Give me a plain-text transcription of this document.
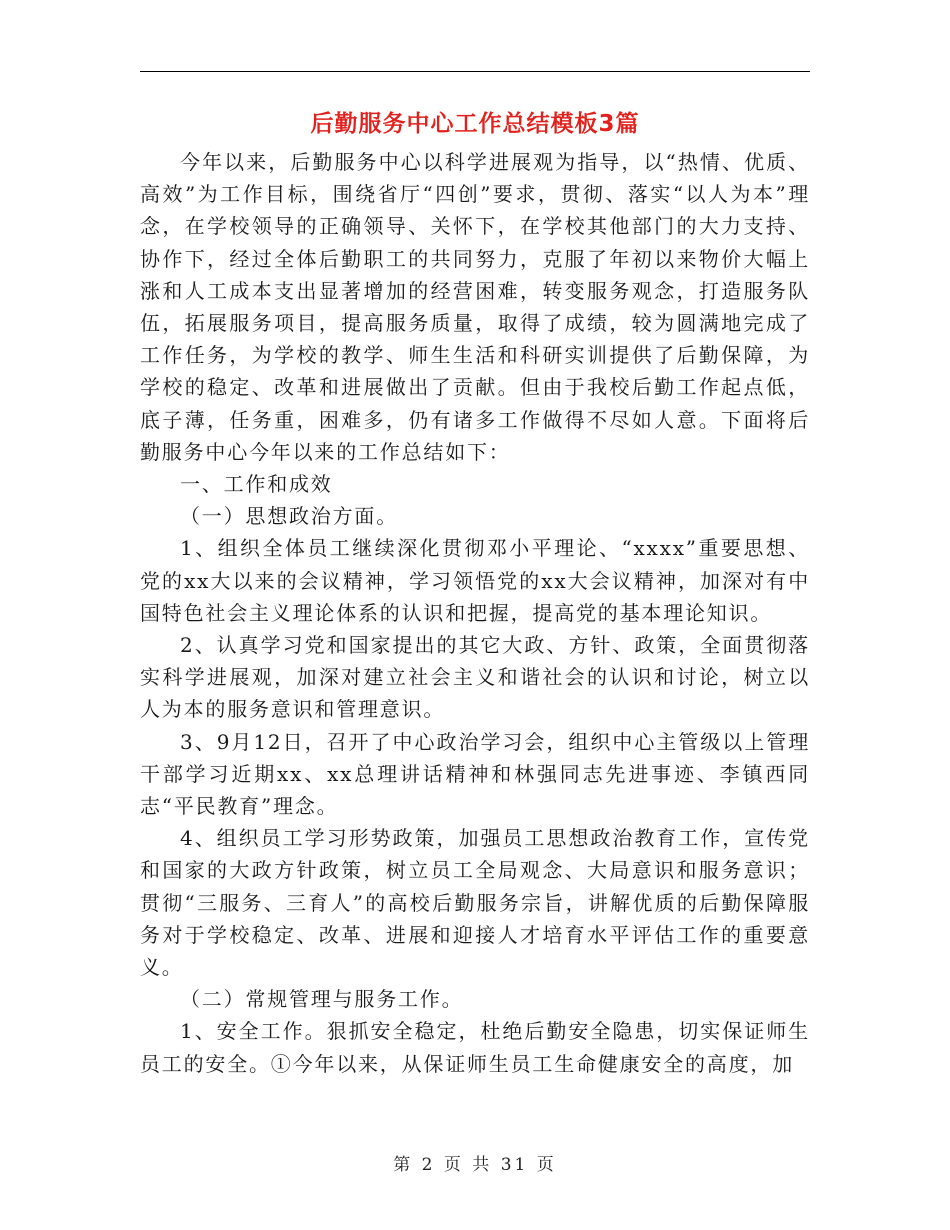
后勤服务中心工作总结模板3篇

今年以来，后勤服务中心以科学进展观为指导，以“热情、优质、高效”为工作目标，围绕省厅“四创”要求，贯彻、落实“以人为本”理念，在学校领导的正确领导、关怀下，在学校其他部门的大力支持、协作下，经过全体后勤职工的共同努力，克服了年初以来物价大幅上涨和人工成本支出显著增加的经营困难，转变服务观念，打造服务队伍，拓展服务项目，提高服务质量，取得了成绩，较为圆满地完成了工作任务，为学校的教学、师生生活和科研实训提供了后勤保障，为学校的稳定、改革和进展做出了贡献。但由于我校后勤工作起点低，底子薄，任务重，困难多，仍有诸多工作做得不尽如人意。下面将后勤服务中心今年以来的工作总结如下：

一、工作和成效

（一）思想政治方面。

1、组织全体员工继续深化贯彻邓小平理论、“xxxx”重要思想、党的xx大以来的会议精神，学习领悟党的xx大会议精神，加深对有中国特色社会主义理论体系的认识和把握，提高党的基本理论知识。

2、认真学习党和国家提出的其它大政、方针、政策，全面贯彻落实科学进展观，加深对建立社会主义和谐社会的认识和讨论，树立以人为本的服务意识和管理意识。

3、9月12日，召开了中心政治学习会，组织中心主管级以上管理干部学习近期xx、xx总理讲话精神和林强同志先进事迹、李镇西同志“平民教育”理念。

4、组织员工学习形势政策，加强员工思想政治教育工作，宣传党和国家的大政方针政策，树立员工全局观念、大局意识和服务意识；贯彻“三服务、三育人”的高校后勤服务宗旨，讲解优质的后勤保障服务对于学校稳定、改革、进展和迎接人才培育水平评估工作的重要意义。

（二）常规管理与服务工作。

1、安全工作。狠抓安全稳定，杜绝后勤安全隐患，切实保证师生员工的安全。①今年以来，从保证师生员工生命健康安全的高度，加

第 2 页 共 31 页
